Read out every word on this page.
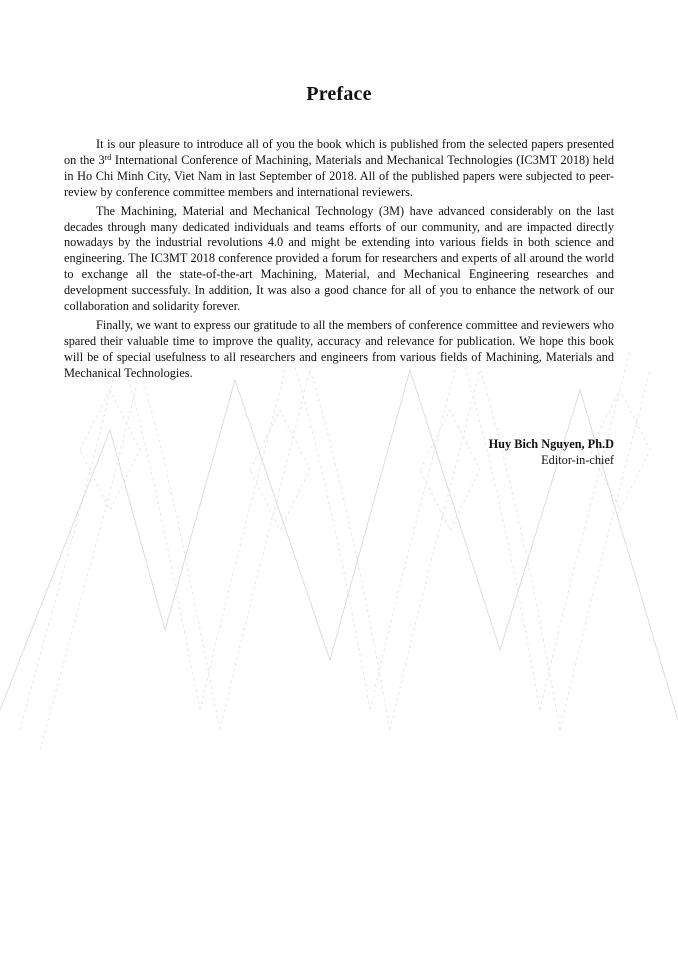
Preface

It is our pleasure to introduce all of you the book which is published from the selected papers presented on the 3rd International Conference of Machining, Materials and Mechanical Technologies (IC3MT 2018) held in Ho Chi Minh City, Viet Nam in last September of 2018. All of the published papers were subjected to peer-review by conference committee members and international reviewers.

The Machining, Material and Mechanical Technology (3M) have advanced considerably on the last decades through many dedicated individuals and teams efforts of our community, and are impacted directly nowadays by the industrial revolutions 4.0 and might be extending into various fields in both science and engineering. The IC3MT 2018 conference provided a forum for researchers and experts of all around the world to exchange all the state-of-the-art Machining, Material, and Mechanical Engineering researches and development successfuly. In addition, It was also a good chance for all of you to enhance the network of our collaboration and solidarity forever.

Finally, we want to express our gratitude to all the members of conference committee and reviewers who spared their valuable time to improve the quality, accuracy and relevance for publication. We hope this book will be of special usefulness to all researchers and engineers from various fields of Machining, Materials and Mechanical Technologies.

Huy Bich Nguyen, Ph.D
Editor-in-chief
